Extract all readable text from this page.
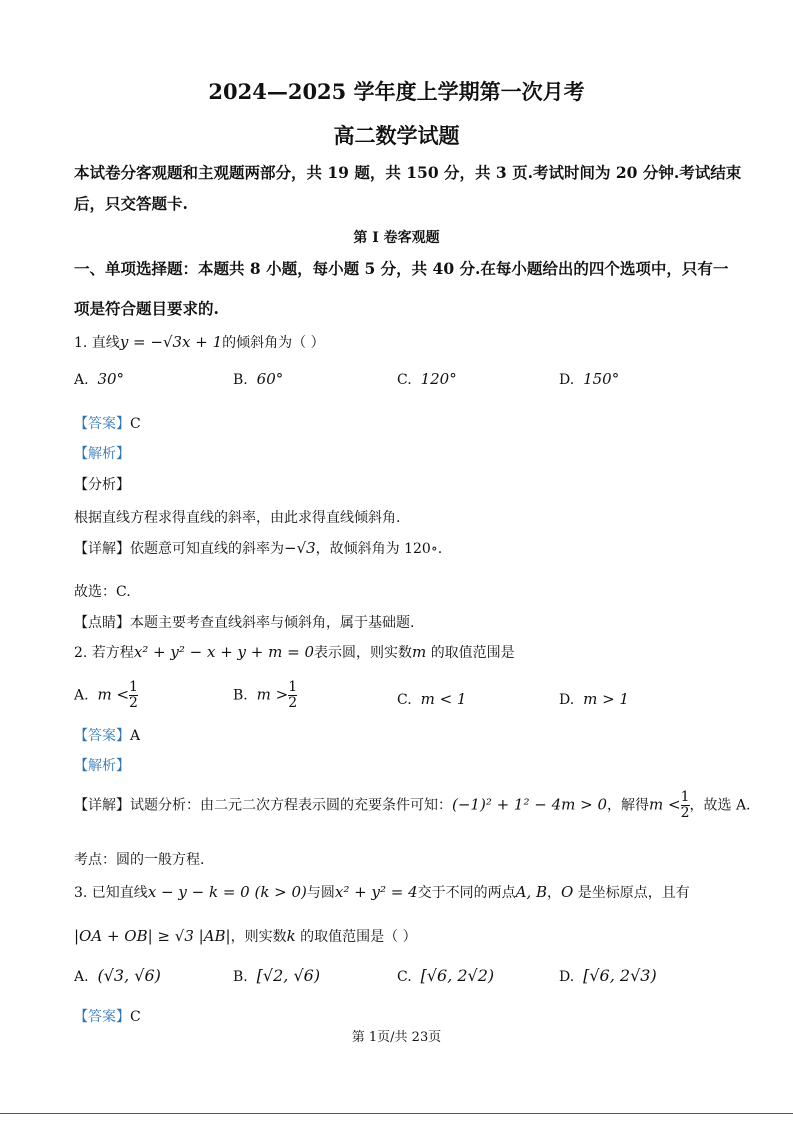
2024—2025 学年度上学期第一次月考
高二数学试题
本试卷分客观题和主观题两部分，共 19 题，共 150 分，共 3 页.考试时间为 20 分钟.考试结束
后，只交答题卡.
第 I 卷客观题
一、单项选择题：本题共 8 小题，每小题 5 分，共 40 分.在每小题给出的四个选项中，只有一
项是符合题目要求的.
1. 直线y = −√3x + 1的倾斜角为（ ）
A. 30°	B. 60°	C. 120°	D. 150°
【答案】C
【解析】
【分析】
根据直线方程求得直线的斜率，由此求得直线倾斜角.
【详解】依题意可知直线的斜率为−√3，故倾斜角为 120∘.
故选：C.
【点睛】本题主要考查直线斜率与倾斜角，属于基础题.
2. 若方程x² + y² − x + y + m = 0表示圆，则实数m 的取值范围是
A. $m < \frac{1}{2}$	B. $m > \frac{1}{2}$	C. m < 1	D. m > 1
【答案】A
【解析】
【详解】试题分析：由二元二次方程表示圆的充要条件可知：(−1)² + 1² − 4m > 0，解得$m < \frac{1}{2}$ ，故选 A.
考点：圆的一般方程.
3. 已知直线x − y − k = 0 (k > 0)与圆x² + y² = 4交于不同的两点A, B，O 是坐标原点，且有
|OA + OB| ≥ √3 |AB|，则实数k 的取值范围是（ ）
A. (√3, √6)	B. [√2, √6)	C. [√6, 2√2)	D. [√6, 2√3)
【答案】C
第 1页/共 23页
